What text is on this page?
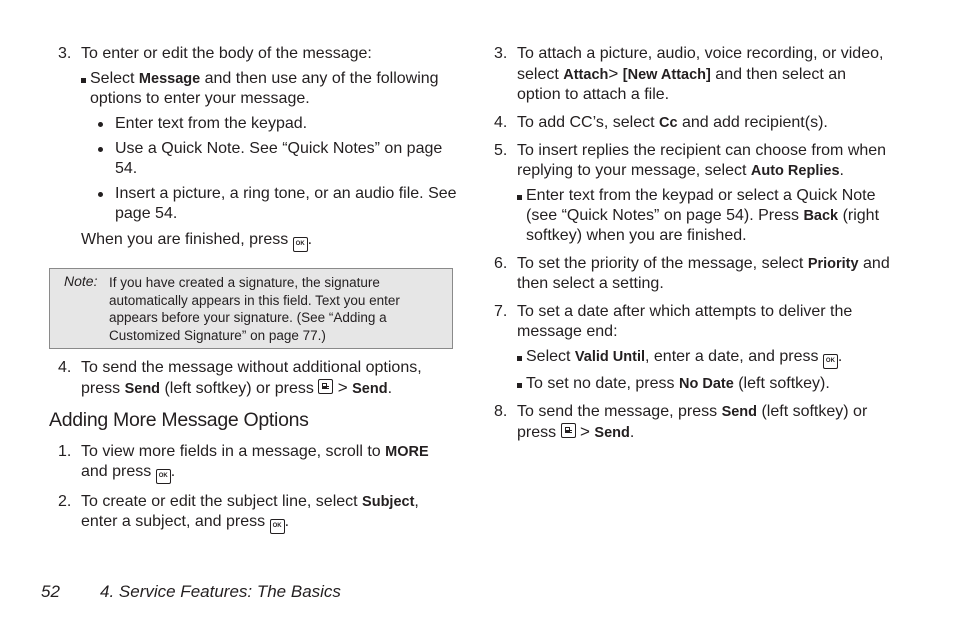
3. To enter or edit the body of the message:
Select Message and then use any of the following options to enter your message.
Enter text from the keypad.
Use a Quick Note. See “Quick Notes” on page 54.
Insert a picture, a ring tone, or an audio file. See page 54.
When you are finished, press OK .
Note: If you have created a signature, the signature automatically appears in this field. Text you enter appears before your signature. (See “Adding a Customized Signature” on page 77.)
4. To send the message without additional options, press Send (left softkey) or press  > Send.
Adding More Message Options
1. To view more fields in a message, scroll to MORE and press OK .
2. To create or edit the subject line, select Subject, enter a subject, and press OK .
3. To attach a picture, audio, voice recording, or video, select Attach> [New Attach] and then select an option to attach a file.
4. To add CC’s, select Cc and add recipient(s).
5. To insert replies the recipient can choose from when replying to your message, select Auto Replies.
Enter text from the keypad or select a Quick Note (see “Quick Notes” on page 54). Press Back (right softkey) when you are finished.
6. To set the priority of the message, select Priority and then select a setting.
7. To set a date after which attempts to deliver the message end:
Select Valid Until, enter a date, and press OK .
To set no date, press No Date (left softkey).
8. To send the message, press Send (left softkey) or press  > Send.
52 4. Service Features: The Basics
